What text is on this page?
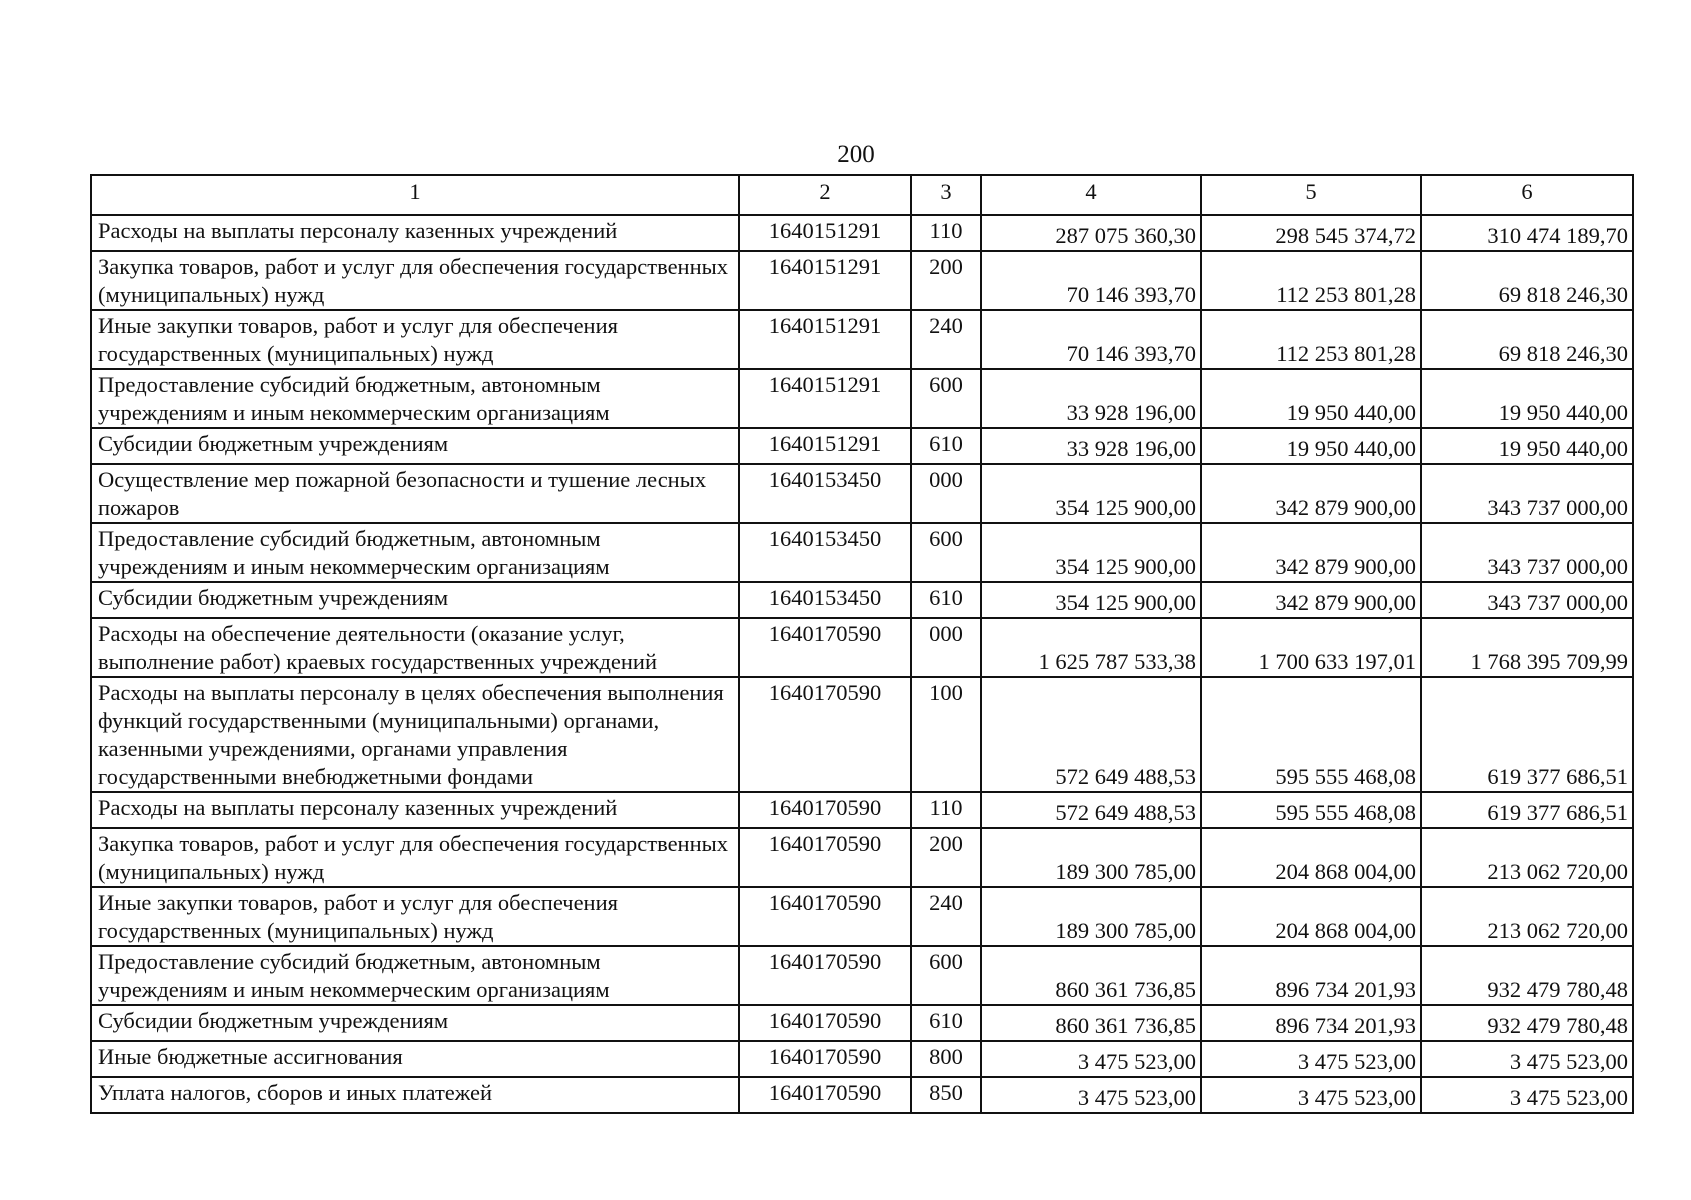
200
1	2	3	4	5	6
Расходы на выплаты персоналу казенных учреждений	1640151291	110	287 075 360,30	298 545 374,72	310 474 189,70
Закупка товаров, работ и услуг для обеспечения государственных (муниципальных) нужд	1640151291	200	70 146 393,70	112 253 801,28	69 818 246,30
Иные закупки товаров, работ и услуг для обеспечения государственных (муниципальных) нужд	1640151291	240	70 146 393,70	112 253 801,28	69 818 246,30
Предоставление субсидий бюджетным, автономным учреждениям и иным некоммерческим организациям	1640151291	600	33 928 196,00	19 950 440,00	19 950 440,00
Субсидии бюджетным учреждениям	1640151291	610	33 928 196,00	19 950 440,00	19 950 440,00
Осуществление мер пожарной безопасности и тушение лесных пожаров	1640153450	000	354 125 900,00	342 879 900,00	343 737 000,00
Предоставление субсидий бюджетным, автономным учреждениям и иным некоммерческим организациям	1640153450	600	354 125 900,00	342 879 900,00	343 737 000,00
Субсидии бюджетным учреждениям	1640153450	610	354 125 900,00	342 879 900,00	343 737 000,00
Расходы на обеспечение деятельности (оказание услуг, выполнение работ) краевых государственных учреждений	1640170590	000	1 625 787 533,38	1 700 633 197,01	1 768 395 709,99
Расходы на выплаты персоналу в целях обеспечения выполнения функций государственными (муниципальными) органами, казенными учреждениями, органами управления государственными внебюджетными фондами	1640170590	100	572 649 488,53	595 555 468,08	619 377 686,51
Расходы на выплаты персоналу казенных учреждений	1640170590	110	572 649 488,53	595 555 468,08	619 377 686,51
Закупка товаров, работ и услуг для обеспечения государственных (муниципальных) нужд	1640170590	200	189 300 785,00	204 868 004,00	213 062 720,00
Иные закупки товаров, работ и услуг для обеспечения государственных (муниципальных) нужд	1640170590	240	189 300 785,00	204 868 004,00	213 062 720,00
Предоставление субсидий бюджетным, автономным учреждениям и иным некоммерческим организациям	1640170590	600	860 361 736,85	896 734 201,93	932 479 780,48
Субсидии бюджетным учреждениям	1640170590	610	860 361 736,85	896 734 201,93	932 479 780,48
Иные бюджетные ассигнования	1640170590	800	3 475 523,00	3 475 523,00	3 475 523,00
Уплата налогов, сборов и иных платежей	1640170590	850	3 475 523,00	3 475 523,00	3 475 523,00
